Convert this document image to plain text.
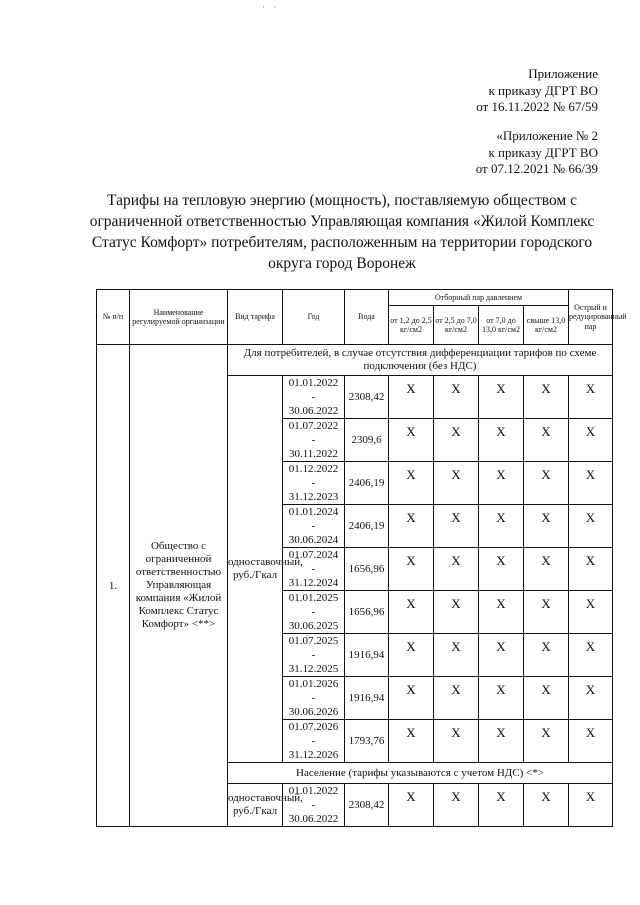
· ·
Приложение
к приказу ДГРТ ВО
от 16.11.2022 № 67/59
«Приложение № 2
к приказу ДГРТ ВО
от 07.12.2021 № 66/39
Тарифы на тепловую энергию (мощность), поставляемую обществом с
ограниченной ответственностью Управляющая компания «Жилой Комплекс
Статус Комфорт» потребителям, расположенным на территории городского
округа город Воронеж
№ п/п	Наименование регулируемой организации	Вид тарифа	Год	Вода	Отборный пар давлением				Острый и редуцированный пар
					от 1,2 до 2,5 кг/см2	от 2,5 до 7,0 кг/см2	от 7,0 до 13,0 кг/см2	свыше 13,0 кг/см2	
1.	Общество с ограниченной ответственностью Управляющая компания «Жилой Комплекс Статус Комфорт» <**>	Для потребителей, в случае отсутствия дифференциации тарифов по схеме подключения (без НДС)							
		одноставочный, руб./Гкал	01.01.2022
-
30.06.2022	2308,42	Х	Х	Х	Х	Х

			01.07.2022
-
30.11.2022	2309,6	Х	Х	Х	Х	Х

			01.12.2022
-
31.12.2023	2406,19	Х	Х	Х	Х	Х

			01.01.2024
-
30.06.2024	2406,19	Х	Х	Х	Х	Х

			01.07.2024
-
31.12.2024	1656,96	Х	Х	Х	Х	Х

			01.01.2025
-
30.06.2025	1656,96	Х	Х	Х	Х	Х

			01.07.2025
-
31.12.2025	1916,94	Х	Х	Х	Х	Х

			01.01.2026
-
30.06.2026	1916,94	Х	Х	Х	Х	Х

			01.07.2026
-
31.12.2026	1793,76	Х	Х	Х	Х	Х
		Население (тарифы указываются с учетом НДС) <*>							
		одноставочный, руб./Гкал	01.01.2022
-
30.06.2022	2308,42	Х	Х	Х	Х	Х
